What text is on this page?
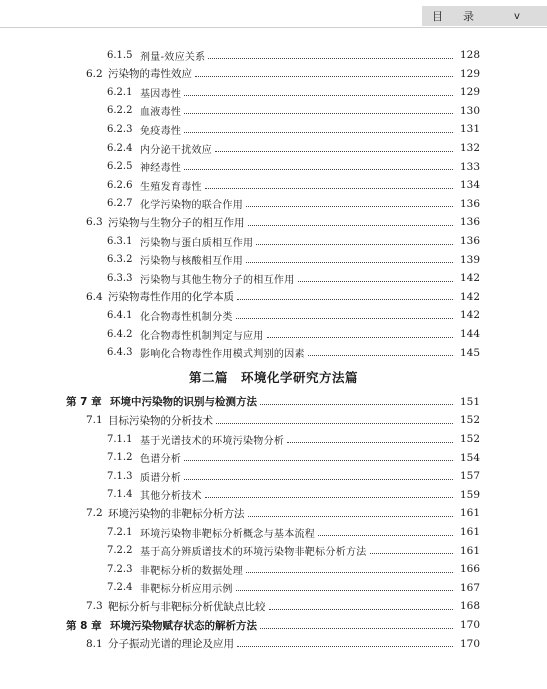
目 录	v
6.1.5 剂量-效应关系	128
6.2 污染物的毒性效应	129
6.2.1 基因毒性	129
6.2.2 血液毒性	130
6.2.3 免疫毒性	131
6.2.4 内分泌干扰效应	132
6.2.5 神经毒性	133
6.2.6 生殖发育毒性	134
6.2.7 化学污染物的联合作用	136
6.3 污染物与生物分子的相互作用	136
6.3.1 污染物与蛋白质相互作用	136
6.3.2 污染物与核酸相互作用	139
6.3.3 污染物与其他生物分子的相互作用	142
6.4 污染物毒性作用的化学本质	142
6.4.1 化合物毒性机制分类	142
6.4.2 化合物毒性机制判定与应用	144
6.4.3 影响化合物毒性作用模式判别的因素	145
第二篇　环境化学研究方法篇
第 7 章 环境中污染物的识别与检测方法	151
7.1 目标污染物的分析技术	152
7.1.1 基于光谱技术的环境污染物分析	152
7.1.2 色谱分析	154
7.1.3 质谱分析	157
7.1.4 其他分析技术	159
7.2 环境污染物的非靶标分析方法	161
7.2.1 环境污染物非靶标分析概念与基本流程	161
7.2.2 基于高分辨质谱技术的环境污染物非靶标分析方法	161
7.2.3 非靶标分析的数据处理	166
7.2.4 非靶标分析应用示例	167
7.3 靶标分析与非靶标分析优缺点比较	168
第 8 章 环境污染物赋存状态的解析方法	170
8.1 分子振动光谱的理论及应用	170
